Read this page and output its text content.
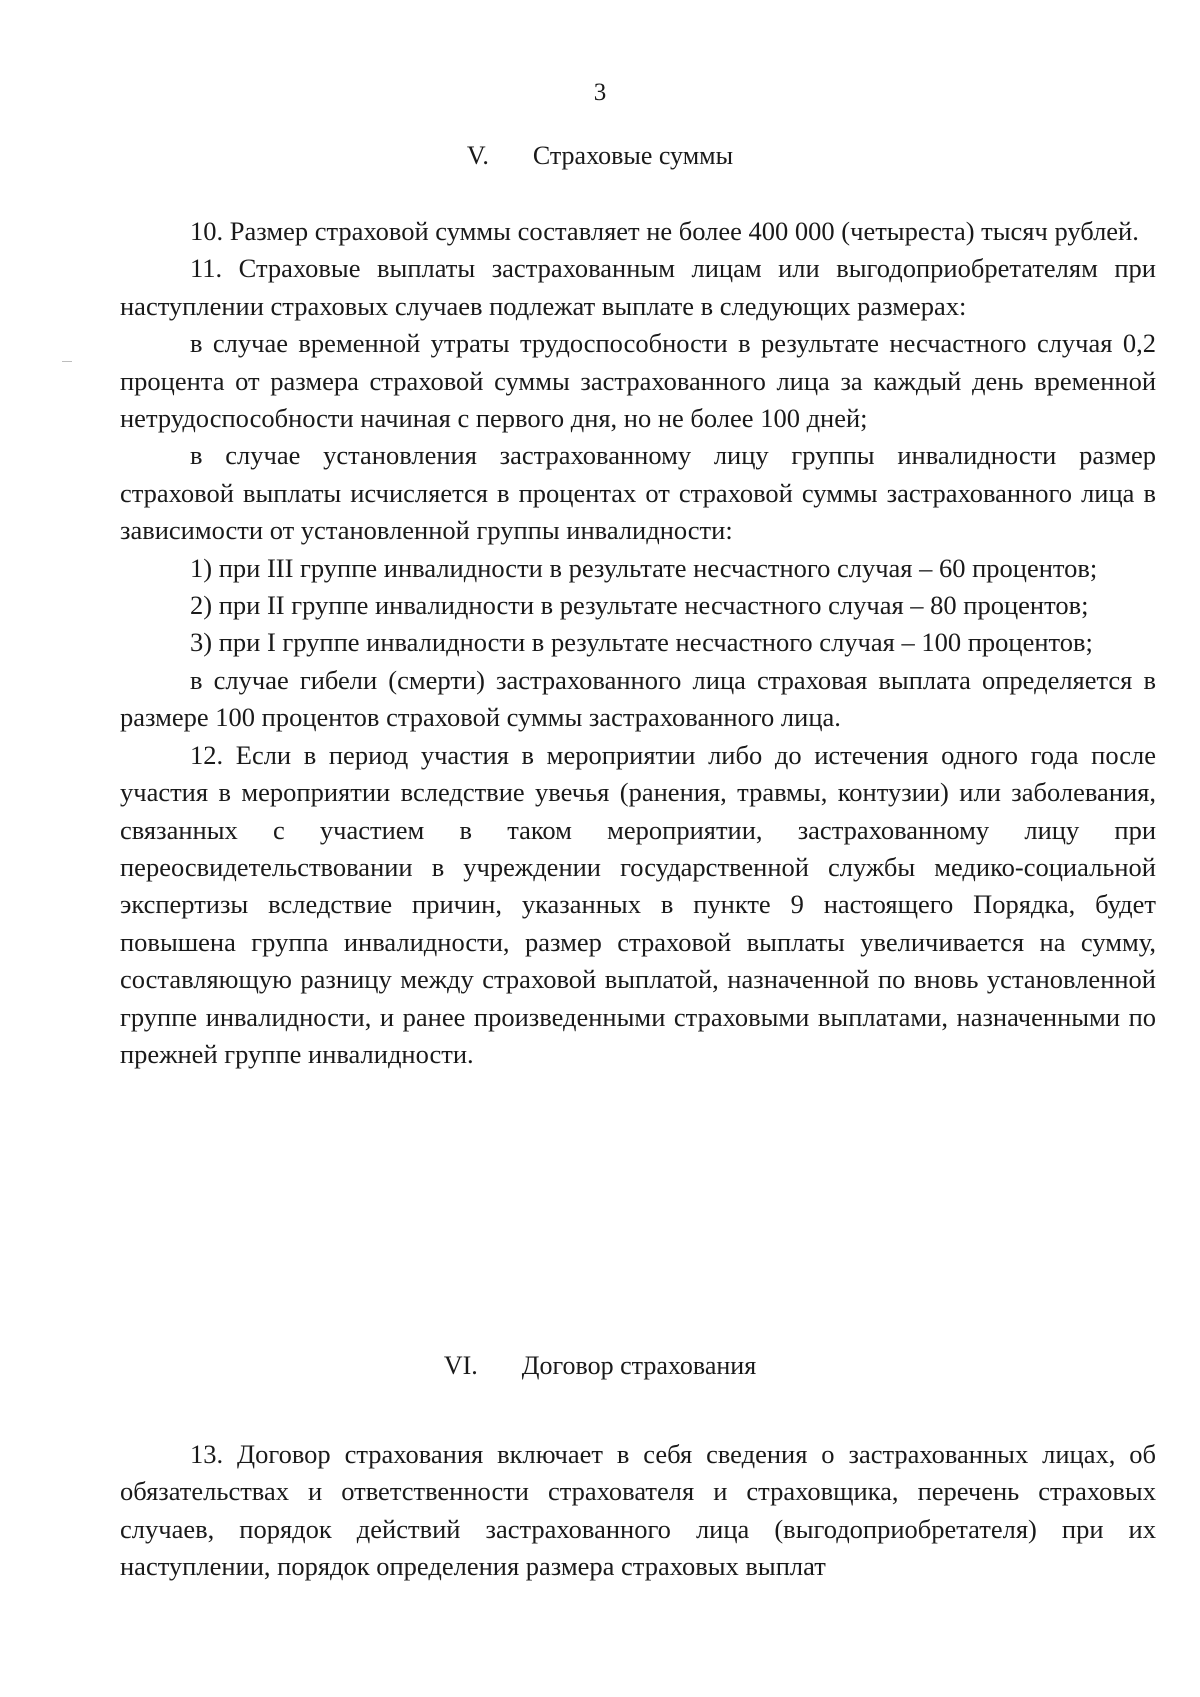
3
V. Страховые суммы

10. Размер страховой суммы составляет не более 400 000 (четыреста) тысяч рублей.

11. Страховые выплаты застрахованным лицам или выгодоприобретателям при наступлении страховых случаев подлежат выплате в следующих размерах:

в случае временной утраты трудоспособности в результате несчастного случая 0,2 процента от размера страховой суммы застрахованного лица за каждый день временной нетрудоспособности начиная с первого дня, но не более 100 дней;

в случае установления застрахованному лицу группы инвалидности размер страховой выплаты исчисляется в процентах от страховой суммы застрахованного лица в зависимости от установленной группы инвалидности:

1) при III группе инвалидности в результате несчастного случая – 60 процентов;

2) при II группе инвалидности в результате несчастного случая – 80 процентов;

3) при I группе инвалидности в результате несчастного случая – 100 процентов;

в случае гибели (смерти) застрахованного лица страховая выплата определяется в размере 100 процентов страховой суммы застрахованного лица.

12. Если в период участия в мероприятии либо до истечения одного года после участия в мероприятии вследствие увечья (ранения, травмы, контузии) или заболевания, связанных с участием в таком мероприятии, застрахованному лицу при переосвидетельствовании в учреждении государственной службы медико-социальной экспертизы вследствие причин, указанных в пункте 9 настоящего Порядка, будет повышена группа инвалидности, размер страховой выплаты увеличивается на сумму, составляющую разницу между страховой выплатой, назначенной по вновь установленной группе инвалидности, и ранее произведенными страховыми выплатами, назначенными по прежней группе инвалидности.

VI. Договор страхования

13. Договор страхования включает в себя сведения о застрахованных лицах, об обязательствах и ответственности страхователя и страховщика, перечень страховых случаев, порядок действий застрахованного лица (выгодоприобретателя) при их наступлении, порядок определения размера страховых выплат
